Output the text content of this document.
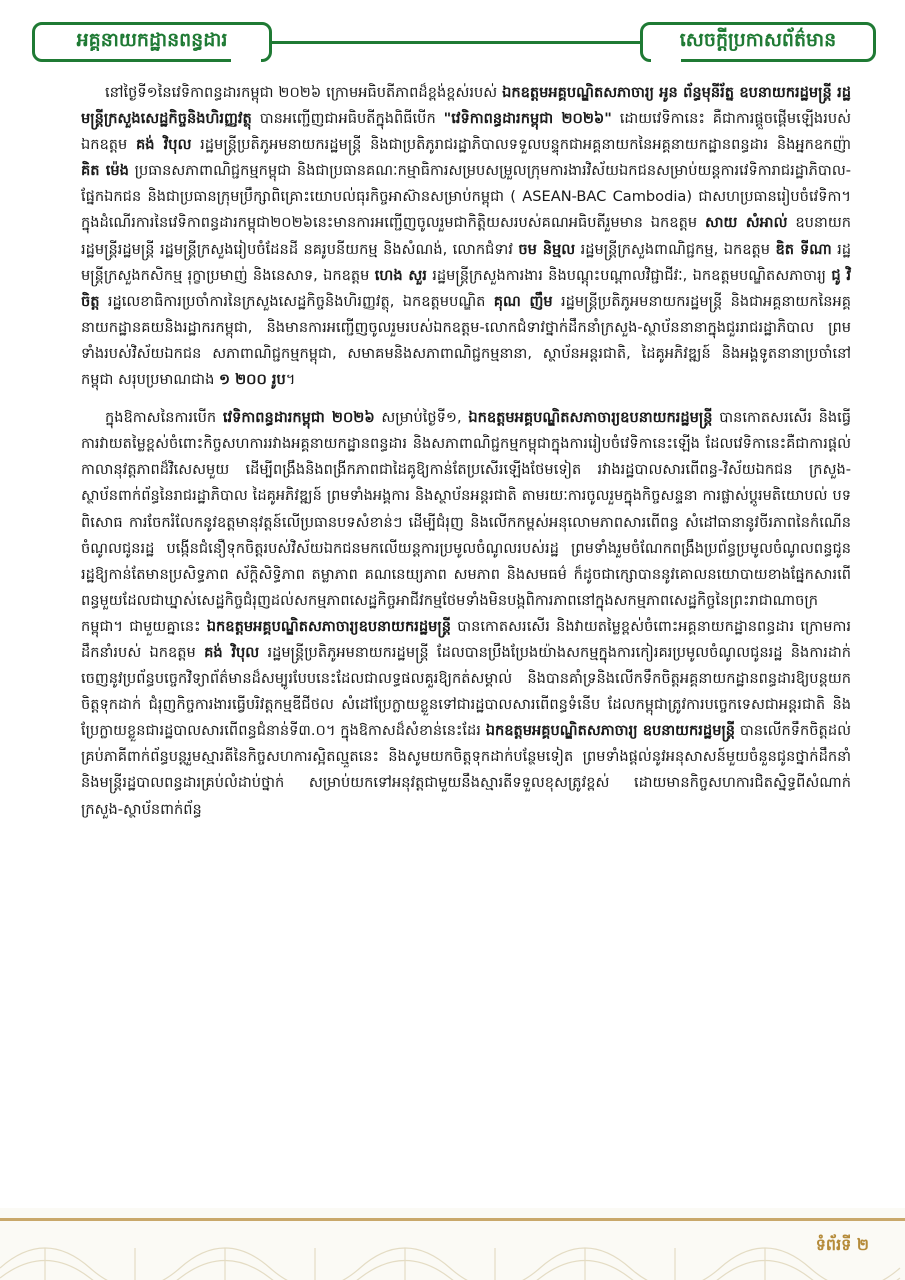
អគ្គនាយកដ្ឋានពន្ធដារ	សេចក្តីប្រកាសព័ត៌មាន

នៅថ្ងៃទី១នៃវេទិកាពន្ធដារកម្ពុជា ២០២៦ ក្រោមអធិបតីភាពដ៏ខ្ពង់ខ្ពស់របស់ ឯកឧត្តមអគ្គបណ្ឌិតសភាចារ្យ អូន ព័ន្ធមុនីរ័ត្ន ឧបនាយករដ្ឋមន្ត្រី រដ្ឋមន្ត្រីក្រសួងសេដ្ឋកិច្ចនិងហិរញ្ញវត្ថុ បានអញ្ជើញជាអធិបតីក្នុងពិធីបើក "វេទិកាពន្ធដារកម្ពុជា ២០២៦" ដោយវេទិកានេះ គឺជាការផ្តួចផ្តើមឡើងរបស់ឯកឧត្តម គង់ វិបុល រដ្ឋមន្ត្រីប្រតិភូអមនាយករដ្ឋមន្ត្រី និងជាប្រតិភូរាជរដ្ឋាភិបាលទទួលបន្ទុកជាអគ្គនាយកនៃអគ្គនាយកដ្ឋានពន្ធដារ និងអ្នកឧកញ៉ា គិត ម៉េង ប្រធានសភាពាណិជ្ជកម្មកម្ពុជា និងជាប្រធានគណៈកម្មាធិការសម្របសម្រួលក្រុមការងារវិស័យឯកជនសម្រាប់យន្តការវេទិការាជរដ្ឋាភិបាល-ផ្នែកឯកជន និងជាប្រធានក្រុមប្រឹក្សាពិគ្រោះយោបល់ធុរកិច្ចអាស៊ានសម្រាប់កម្ពុជា ( ASEAN-BAC Cambodia) ជាសហប្រធានរៀបចំវេទិកា។ ក្នុងដំណើរការនៃវេទិកាពន្ធដារកម្ពុជា២០២៦នេះមានការអញ្ជើញចូលរួមជាកិត្តិយសរបស់គណអធិបតីរួមមាន ឯកឧត្តម សាយ សំអាល់ ឧបនាយករដ្ឋមន្ត្រីរដ្ឋមន្ត្រី រដ្ឋមន្ត្រីក្រសួងរៀបចំដែនដី នគរូបនីយកម្ម និងសំណង់, លោកជំទាវ ចម និម្មល រដ្ឋមន្ត្រីក្រសួងពាណិជ្ជកម្ម, ឯកឧត្តម ឌិត ទីណា រដ្ឋមន្ត្រីក្រសួងកសិកម្ម រុក្ខាប្រមាញ់ និងនេសាទ, ឯកឧត្តម ហេង សួរ រដ្ឋមន្ត្រីក្រសួងការងារ និងបណ្តុះបណ្តាលវិជ្ជាជីវៈ, ឯកឧត្តមបណ្ឌិតសភាចារ្យ ជូ វិចិត្ត រដ្ឋលេខាធិការប្រចាំការនៃក្រសួងសេដ្ឋកិច្ចនិងហិរញ្ញវត្ថុ, ឯកឧត្តមបណ្ឌិត គុណ ញឹម រដ្ឋមន្ត្រីប្រតិភូអមនាយករដ្ឋមន្ត្រី និងជាអគ្គនាយកនៃអគ្គនាយកដ្ឋានគយនិងរដ្ឋាករកម្ពុជា, និងមានការអញ្ជើញចូលរួមរបស់ឯកឧត្តម-លោកជំទាវថ្នាក់ដឹកនាំក្រសួង-ស្ថាប័ននានាក្នុងជួររាជរដ្ឋាភិបាល ព្រមទាំងរបស់វិស័យឯកជន សភាពាណិជ្ជកម្មកម្ពុជា, សមាគមនិងសភាពាណិជ្ជកម្មនានា, ស្ថាប័នអន្តរជាតិ, ដៃគូអភិវឌ្ឍន៍ និងអង្គទូតនានាប្រចាំនៅកម្ពុជា សរុបប្រមាណជាង ១ ២០០ រូប។

ក្នុងឱកាសនៃការបើក វេទិកាពន្ធដារកម្ពុជា ២០២៦ សម្រាប់ថ្ងៃទី១, ឯកឧត្តមអគ្គបណ្ឌិតសភាចារ្យឧបនាយករដ្ឋមន្ត្រី បានកោតសរសើរ និងធ្វើការវាយតម្លៃខ្ពស់ចំពោះកិច្ចសហការរវាងអគ្គនាយកដ្ឋានពន្ធដារ និងសភាពាណិជ្ជកម្មកម្ពុជាក្នុងការរៀបចំវេទិកានេះឡើង ដែលវេទិកានេះគឺជាការផ្តល់កាលានុវត្តភាពដ៏វិសេសមួយ ដើម្បីពង្រឹងនិងពង្រីកភាពជាដៃគូឱ្យកាន់តែប្រសើរឡើងថែមទៀត រវាងរដ្ឋបាលសារពើពន្ធ-វិស័យឯកជន ក្រសួង-ស្ថាប័នពាក់ព័ន្ធនៃរាជរដ្ឋាភិបាល ដៃគូអភិវឌ្ឍន៍ ព្រមទាំងអង្គការ និងស្ថាប័នអន្តរជាតិ តាមរយៈការចូលរួមក្នុងកិច្ចសន្ទនា ការផ្លាស់ប្តូរមតិយោបល់ បទពិសោធ ការចែករំលែកនូវឧត្តមានុវត្តន៍លើប្រធានបទសំខាន់ៗ ដើម្បីជំរុញ និងលើកកម្ពស់អនុលោមភាពសារពើពន្ធ សំដៅធានានូវចីរភាពនៃកំណើនចំណូលជូនរដ្ឋ បង្កើនជំនឿទុកចិត្តរបស់វិស័យឯកជនមកលើយន្តការប្រមូលចំណូលរបស់រដ្ឋ ព្រមទាំងរួមចំណែកពង្រឹងប្រព័ន្ធប្រមូលចំណូលពន្ធជូនរដ្ឋឱ្យកាន់តែមានប្រសិទ្ធភាព ស័ក្តិសិទ្ធិភាព តម្លាភាព គណនេយ្យភាព សមភាព និងសមធម៌ ក៏ដូចជាក្សោបាននូវគោលនយោបាយខាងផ្នែកសារពើពន្ធមួយដែលជាឃ្នាស់សេដ្ឋកិច្ចជំរុញដល់សកម្មភាពសេដ្ឋកិច្ចអាជីវកម្មថែមទាំងមិនបង្កពិការភាពនៅក្នុងសកម្មភាពសេដ្ឋកិច្ចនៃព្រះរាជាណាចក្រកម្ពុជា។ ជាមួយគ្នានេះ ឯកឧត្តមអគ្គបណ្ឌិតសភាចារ្យឧបនាយករដ្ឋមន្ត្រី បានកោតសរសើរ និងវាយតម្លៃខ្ពស់ចំពោះអគ្គនាយកដ្ឋានពន្ធដារ ក្រោមការដឹកនាំរបស់ ឯកឧត្តម គង់ វិបុល រដ្ឋមន្ត្រីប្រតិភូអមនាយករដ្ឋមន្ត្រី ដែលបានប្រឹងប្រែងយ៉ាងសកម្មក្នុងការកៀរគរប្រមូលចំណូលជូនរដ្ឋ និងការដាក់ចេញនូវប្រព័ន្ធបច្ចេកវិទ្យាព័ត៌មានដ៏សម្បូរបែបនេះដែលជាលទ្ធផលគួរឱ្យកត់សម្គាល់ និងបានគាំទ្រនិងលើកទឹកចិត្តអគ្គនាយកដ្ឋានពន្ធដារឱ្យបន្តយកចិត្តទុកដាក់ ជំរុញកិច្ចការងារធ្វើបរិវត្តកម្មឌីជីថល សំដៅប្រែក្លាយខ្លួនទៅជារដ្ឋបាលសារពើពន្ធទំនើប ដែលកម្ពុជាត្រូវការបច្ចេកទេសជាអន្តរជាតិ និងប្រែក្លាយខ្លួនជារដ្ឋបាលសារពើពន្ធជំនាន់ទី៣.០។ ក្នុងឱកាសដ៏សំខាន់នេះដែរ ឯកឧត្តមអគ្គបណ្ឌិតសភាចារ្យ ឧបនាយករដ្ឋមន្ត្រី បានលើកទឹកចិត្តដល់គ្រប់ភាគីពាក់ព័ន្ធបន្តរួមស្មារតីនៃកិច្ចសហការស្អិតល្មួតនេះ និងសូមយកចិត្តទុកដាក់បន្ថែមទៀត ព្រមទាំងផ្តល់នូវអនុសាសន៍មួយចំនួនជូនថ្នាក់ដឹកនាំ និងមន្ត្រីរដ្ឋបាលពន្ធដារគ្រប់លំដាប់ថ្នាក់ សម្រាប់យកទៅអនុវត្តជាមួយនឹងស្មារតីទទួលខុសត្រូវខ្ពស់ ដោយមានកិច្ចសហការជិតស្និទ្ធពីសំណាក់ក្រសួង-ស្ថាប័នពាក់ព័ន្ធ

ទំព័រទី ២
